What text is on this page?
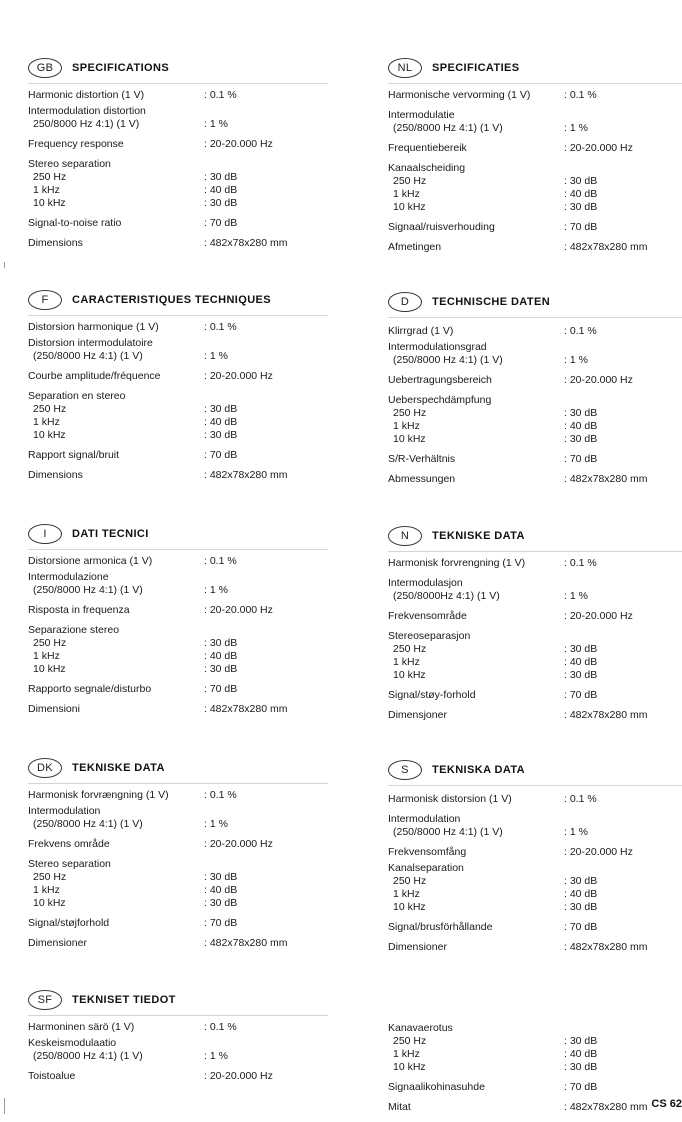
GB	SPECIFICATIONS
Harmonic distortion (1 V)	: 0.1 %
Intermodulation distortion
250/8000 Hz 4:1) (1 V)	: 1 %
Frequency response	: 20-20.000 Hz
Stereo separation
250 Hz	: 30 dB
1 kHz	: 40 dB
10 kHz	: 30 dB
Signal-to-noise ratio	: 70 dB
Dimensions	: 482x78x280 mm
F	CARACTERISTIQUES TECHNIQUES
Distorsion harmonique (1 V)	: 0.1 %
Distorsion intermodulatoire
(250/8000 Hz 4:1) (1 V)	: 1 %
Courbe amplitude/fréquence	: 20-20.000 Hz
Separation en stereo
250 Hz	: 30 dB
1 kHz	: 40 dB
10 kHz	: 30 dB
Rapport signal/bruit	: 70 dB
Dimensions	: 482x78x280 mm
I	DATI TECNICI
Distorsione armonica (1 V)	: 0.1 %
Intermodulazione
(250/8000 Hz 4:1) (1 V)	: 1 %
Risposta in frequenza	: 20-20.000 Hz
Separazione stereo
250 Hz	: 30 dB
1 kHz	: 40 dB
10 kHz	: 30 dB
Rapporto segnale/disturbo	: 70 dB
Dimensioni	: 482x78x280 mm
DK	TEKNISKE DATA
Harmonisk forvrængning (1 V)	: 0.1 %
Intermodulation
(250/8000 Hz 4:1) (1 V)	: 1 %
Frekvens område	: 20-20.000 Hz
Stereo separation
250 Hz	: 30 dB
1 kHz	: 40 dB
10 kHz	: 30 dB
Signal/støjforhold	: 70 dB
Dimensioner	: 482x78x280 mm
SF	TEKNISET TIEDOT
Harmoninen särö (1 V)	: 0.1 %
Keskeismodulaatio
(250/8000 Hz 4:1) (1 V)	: 1 %
Toistoalue	: 20-20.000 Hz
NL	SPECIFICATIES
Harmonische vervorming (1 V)	: 0.1 %
Intermodulatie
(250/8000 Hz 4:1) (1 V)	: 1 %
Frequentiebereik	: 20-20.000 Hz
Kanaalscheiding
250 Hz	: 30 dB
1 kHz	: 40 dB
10 kHz	: 30 dB
Signaal/ruisverhouding	: 70 dB
Afmetingen	: 482x78x280 mm
D	TECHNISCHE DATEN
Klirrgrad (1 V)	: 0.1 %
Intermodulationsgrad
(250/8000 Hz 4:1) (1 V)	: 1 %
Uebertragungsbereich	: 20-20.000 Hz
Ueberspechdämpfung
250 Hz	: 30 dB
1 kHz	: 40 dB
10 kHz	: 30 dB
S/R-Verhältnis	: 70 dB
Abmessungen	: 482x78x280 mm
N	TEKNISKE DATA
Harmonisk forvrengning (1 V)	: 0.1 %
Intermodulasjon
(250/8000Hz 4:1) (1 V)	: 1 %
Frekvensområde	: 20-20.000 Hz
Stereoseparasjon
250 Hz	: 30 dB
1 kHz	: 40 dB
10 kHz	: 30 dB
Signal/støy-forhold	: 70 dB
Dimensjoner	: 482x78x280 mm
S	TEKNISKA DATA
Harmonisk distorsion (1 V)	: 0.1 %
Intermodulation
(250/8000 Hz 4:1) (1 V)	: 1 %
Frekvensomfång	: 20-20.000 Hz
Kanalseparation
250 Hz	: 30 dB
1 kHz	: 40 dB
10 kHz	: 30 dB
Signal/brusförhållande	: 70 dB
Dimensioner	: 482x78x280 mm
Kanavaerotus
250 Hz	: 30 dB
1 kHz	: 40 dB
10 kHz	: 30 dB
Signaalikohinasuhde	: 70 dB
Mitat	: 482x78x280 mm CS 62
